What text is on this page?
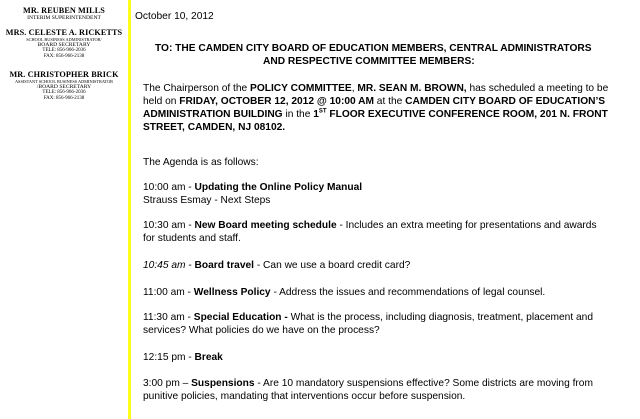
MR. REUBEN MILLS
INTERIM SUPERINTENDENT
MRS. CELESTE A. RICKETTS
SCHOOL BUSINESS ADMINISTRATOR/
BOARD SECRETARY
TELE: 856-966-2036
FAX: 856-966-2138
MR. CHRISTOPHER BRICK
ASSISTANT SCHOOL BUSINESS ADMINISTRATOR
/BOARD SECRETARY
TELE: 856-966-2036
FAX: 856-966-2138
October 10, 2012
TO: THE CAMDEN CITY BOARD OF EDUCATION MEMBERS, CENTRAL ADMINISTRATORS
AND RESPECTIVE COMMITTEE MEMBERS:
The Chairperson of the POLICY COMMITTEE, MR. SEAN M. BROWN, has scheduled a meeting to be
held on FRIDAY, OCTOBER 12, 2012 @ 10:00 AM at the CAMDEN CITY BOARD OF EDUCATION’S
ADMINISTRATION BUILDING in the 1ST FLOOR EXECUTIVE CONFERENCE ROOM, 201 N. FRONT
STREET, CAMDEN, NJ 08102.
The Agenda is as follows:
10:00 am - Updating the Online Policy Manual
Strauss Esmay - Next Steps
10:30 am - New Board meeting schedule - Includes an extra meeting for presentations and awards
for students and staff.
10:45 am - Board travel - Can we use a board credit card?
11:00 am - Wellness Policy - Address the issues and recommendations of legal counsel.
11:30 am - Special Education - What is the process, including diagnosis, treatment, placement and
services? What policies do we have on the process?
12:15 pm - Break
3:00 pm – Suspensions - Are 10 mandatory suspensions effective? Some districts are moving from
punitive policies, mandating that interventions occur before suspension.
